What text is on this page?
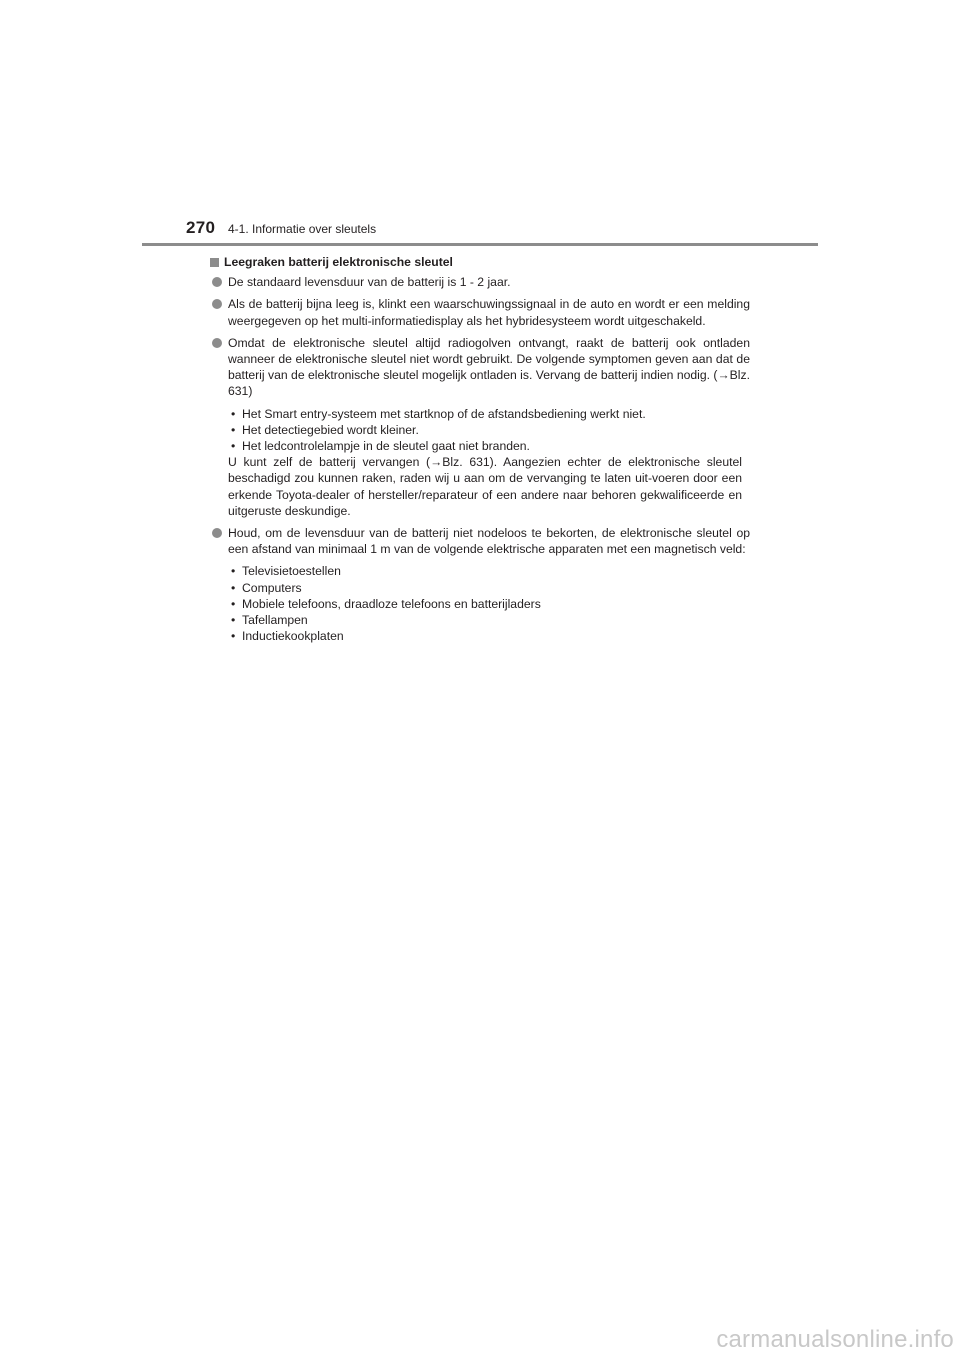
270 4-1. Informatie over sleutels
Leegraken batterij elektronische sleutel
De standaard levensduur van de batterij is 1 - 2 jaar.
Als de batterij bijna leeg is, klinkt een waarschuwingssignaal in de auto en wordt er een melding weergegeven op het multi-informatiedisplay als het hybridesysteem wordt uitgeschakeld.
Omdat de elektronische sleutel altijd radiogolven ontvangt, raakt de batterij ook ontladen wanneer de elektronische sleutel niet wordt gebruikt. De volgende symptomen geven aan dat de batterij van de elektronische sleutel mogelijk ontladen is. Vervang de batterij indien nodig. (→Blz. 631)
• Het Smart entry-systeem met startknop of de afstandsbediening werkt niet.
• Het detectiegebied wordt kleiner.
• Het ledcontrolelampje in de sleutel gaat niet branden.
U kunt zelf de batterij vervangen (→Blz. 631). Aangezien echter de elektronische sleutel beschadigd zou kunnen raken, raden wij u aan om de vervanging te laten uit-voeren door een erkende Toyota-dealer of hersteller/reparateur of een andere naar behoren gekwalificeerde en uitgeruste deskundige.
Houd, om de levensduur van de batterij niet nodeloos te bekorten, de elektronische sleutel op een afstand van minimaal 1 m van de volgende elektrische apparaten met een magnetisch veld:
• Televisietoestellen
• Computers
• Mobiele telefoons, draadloze telefoons en batterijladers
• Tafellampen
• Inductiekookplaten
carmanualsonline.info
